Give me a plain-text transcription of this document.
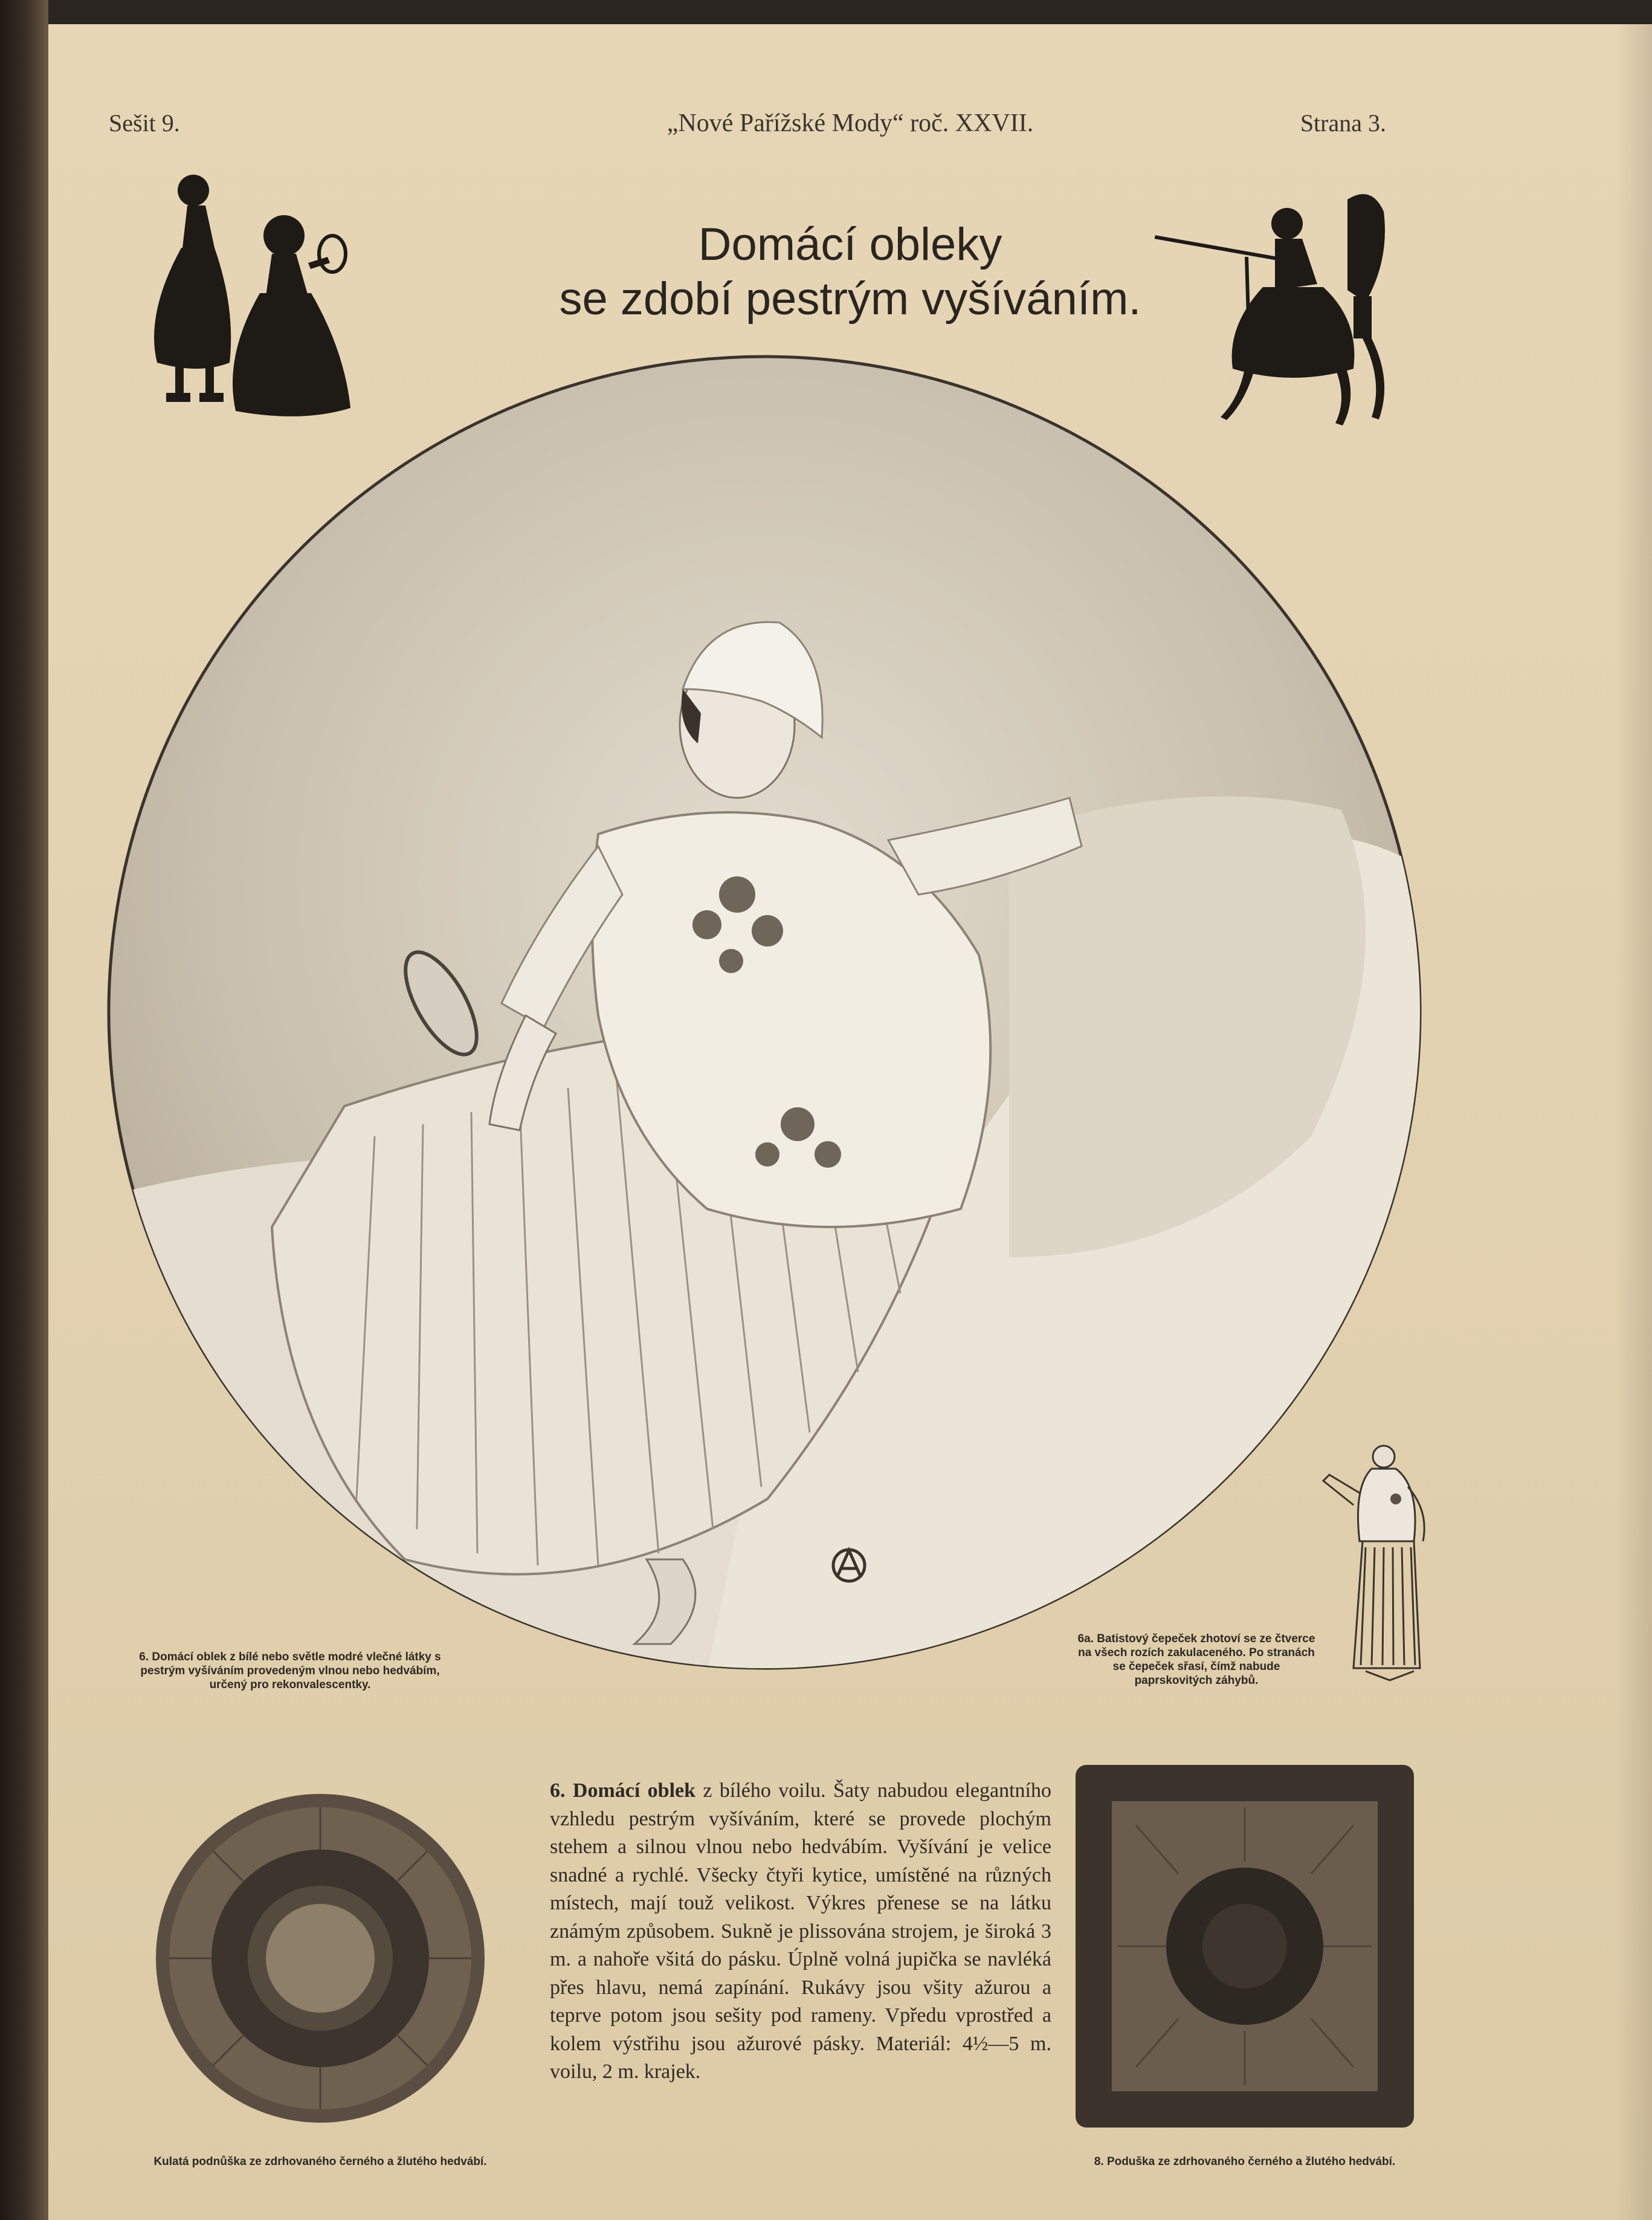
Sešit 9.	„Nové Pařížské Mody“ roč. XXVII.	Strana 3.
Domácí obleky
se zdobí pestrým vyšíváním.
6. Domácí oblek z bílé nebo světle modré vlečné látky s pestrým vyšíváním provedeným vlnou nebo hedvábím, určený pro rekonvalescentky.
6a. Batistový čepeček zhotoví se ze čtverce na všech rozích zakulaceného. Po stranách se čepeček sřasí, čímž nabude paprskovitých záhybů.
Kulatá podnůška ze zdrhovaného černého a žlutého hedvábí.
6. Domácí oblek z bílého voilu. Šaty nabudou elegantního vzhledu pestrým vyšíváním, které se provede plochým stehem a silnou vlnou nebo hedvábím. Vyšívání je velice snadné a rychlé. Všecky čtyři kytice, umístěné na různých místech, mají touž velikost. Výkres přenese se na látku známým způsobem. Sukně je plissována strojem, je široká 3 m. a nahoře všitá do pásku. Úplně volná jupička se navléká přes hlavu, nemá zapínání. Rukávy jsou všity ažurou a teprve potom jsou sešity pod rameny. Vpředu vprostřed a kolem výstřihu jsou ažurové pásky. Materiál: 4½—5 m. voilu, 2 m. krajek.
8. Poduška ze zdrhovaného černého a žlutého hedvábí.
